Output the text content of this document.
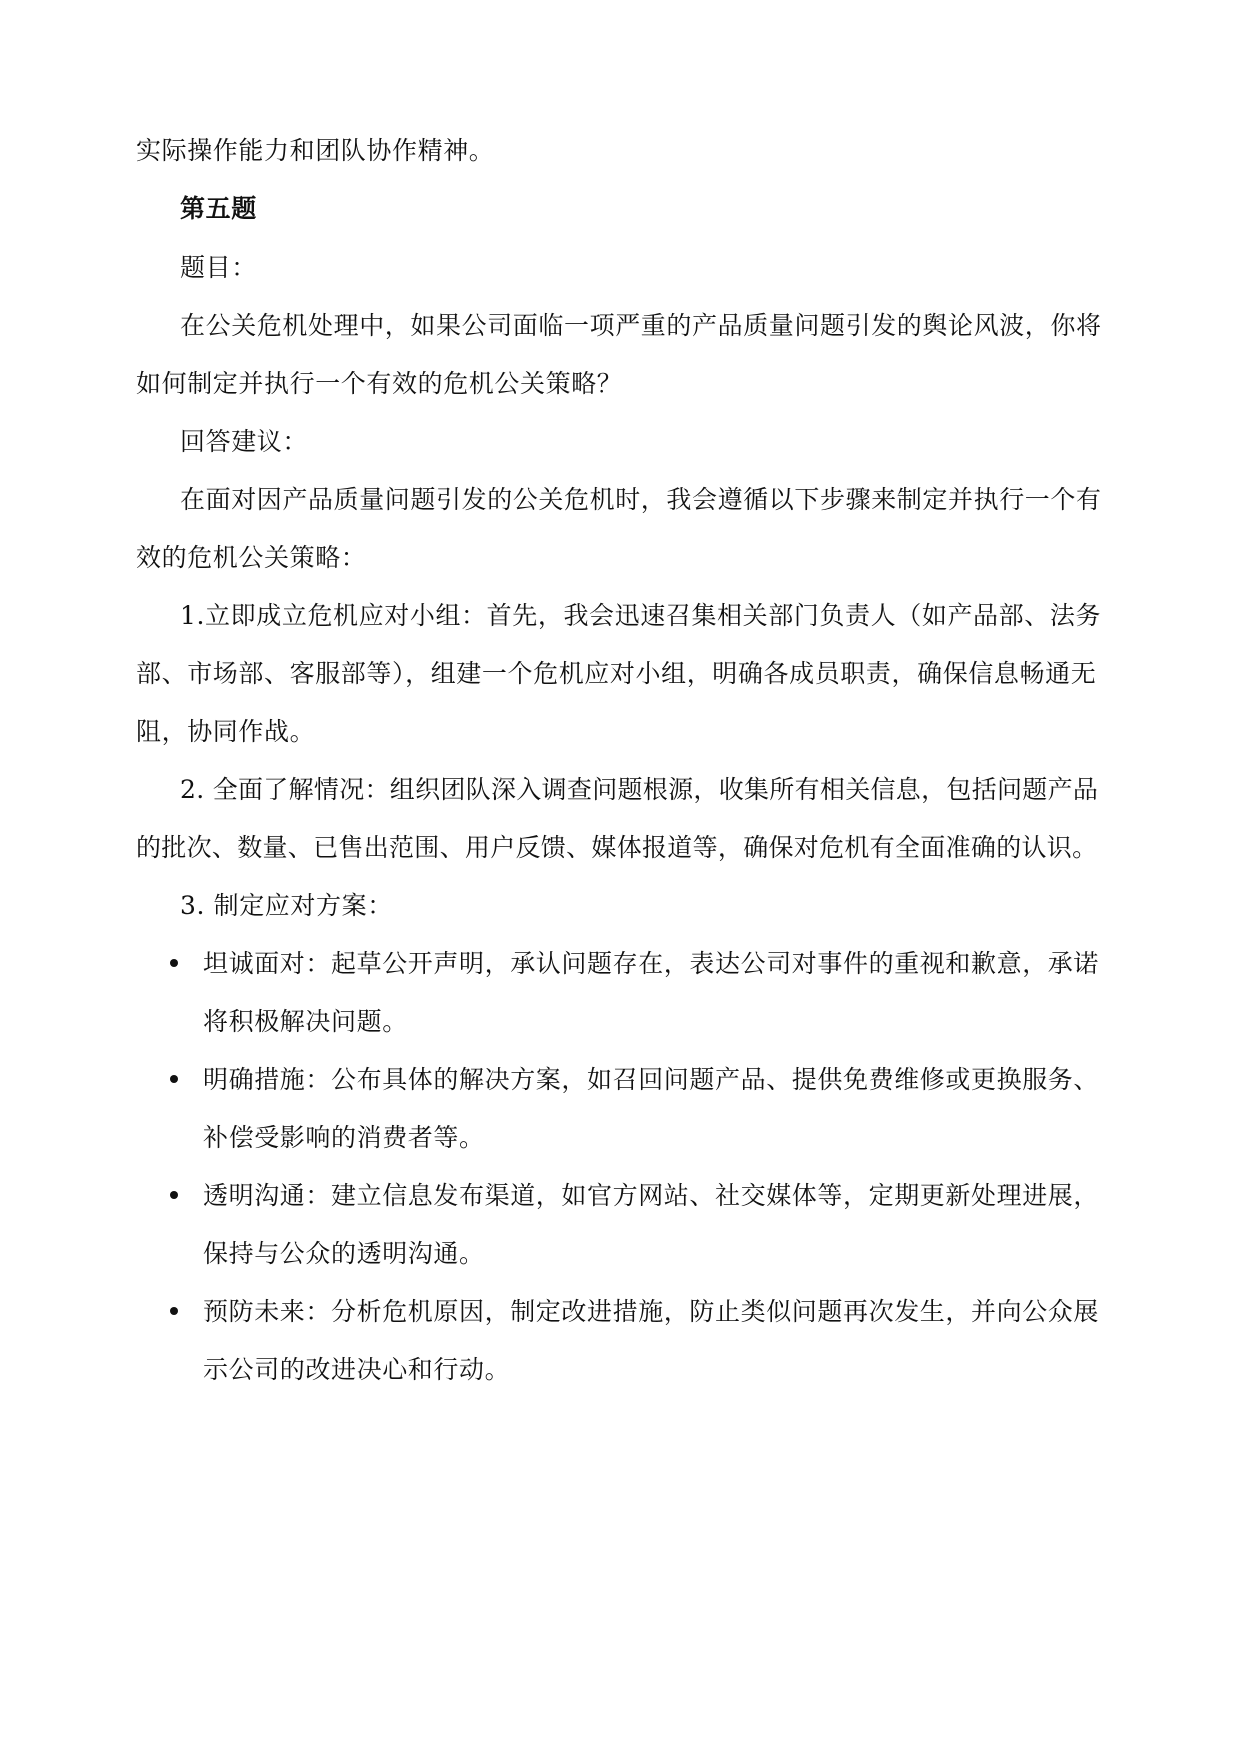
实际操作能力和团队协作精神。
第五题
题目：
在公关危机处理中，如果公司面临一项严重的产品质量问题引发的舆论风波，你将
如何制定并执行一个有效的危机公关策略？
回答建议：
在面对因产品质量问题引发的公关危机时，我会遵循以下步骤来制定并执行一个有
效的危机公关策略：
1.立即成立危机应对小组：首先，我会迅速召集相关部门负责人（如产品部、法务
部、市场部、客服部等），组建一个危机应对小组，明确各成员职责，确保信息畅通无
阻，协同作战。
2. 全面了解情况：组织团队深入调查问题根源，收集所有相关信息，包括问题产品
的批次、数量、已售出范围、用户反馈、媒体报道等，确保对危机有全面准确的认识。
3. 制定应对方案：
坦诚面对：起草公开声明，承认问题存在，表达公司对事件的重视和歉意，承诺
将积极解决问题。
明确措施：公布具体的解决方案，如召回问题产品、提供免费维修或更换服务、
补偿受影响的消费者等。
透明沟通：建立信息发布渠道，如官方网站、社交媒体等，定期更新处理进展，
保持与公众的透明沟通。
预防未来：分析危机原因，制定改进措施，防止类似问题再次发生，并向公众展
示公司的改进决心和行动。
